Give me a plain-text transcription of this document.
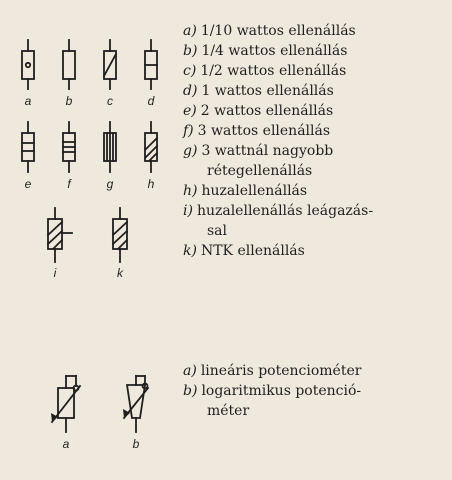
a	b	c	d
e	f	g	h
i	k
a	b
a) 1/10 wattos ellenállás
b) 1/4 wattos ellenállás
c) 1/2 wattos ellenállás
d) 1 wattos ellenállás
e) 2 wattos ellenállás
f) 3 wattos ellenállás
g) 3 wattnál nagyobb
rétegellenállás
h) huzalellenállás
i) huzalellenállás leágazás-
sal
k) NTK ellenállás
a) lineáris potenciométer
b) logaritmikus potenció-
méter
